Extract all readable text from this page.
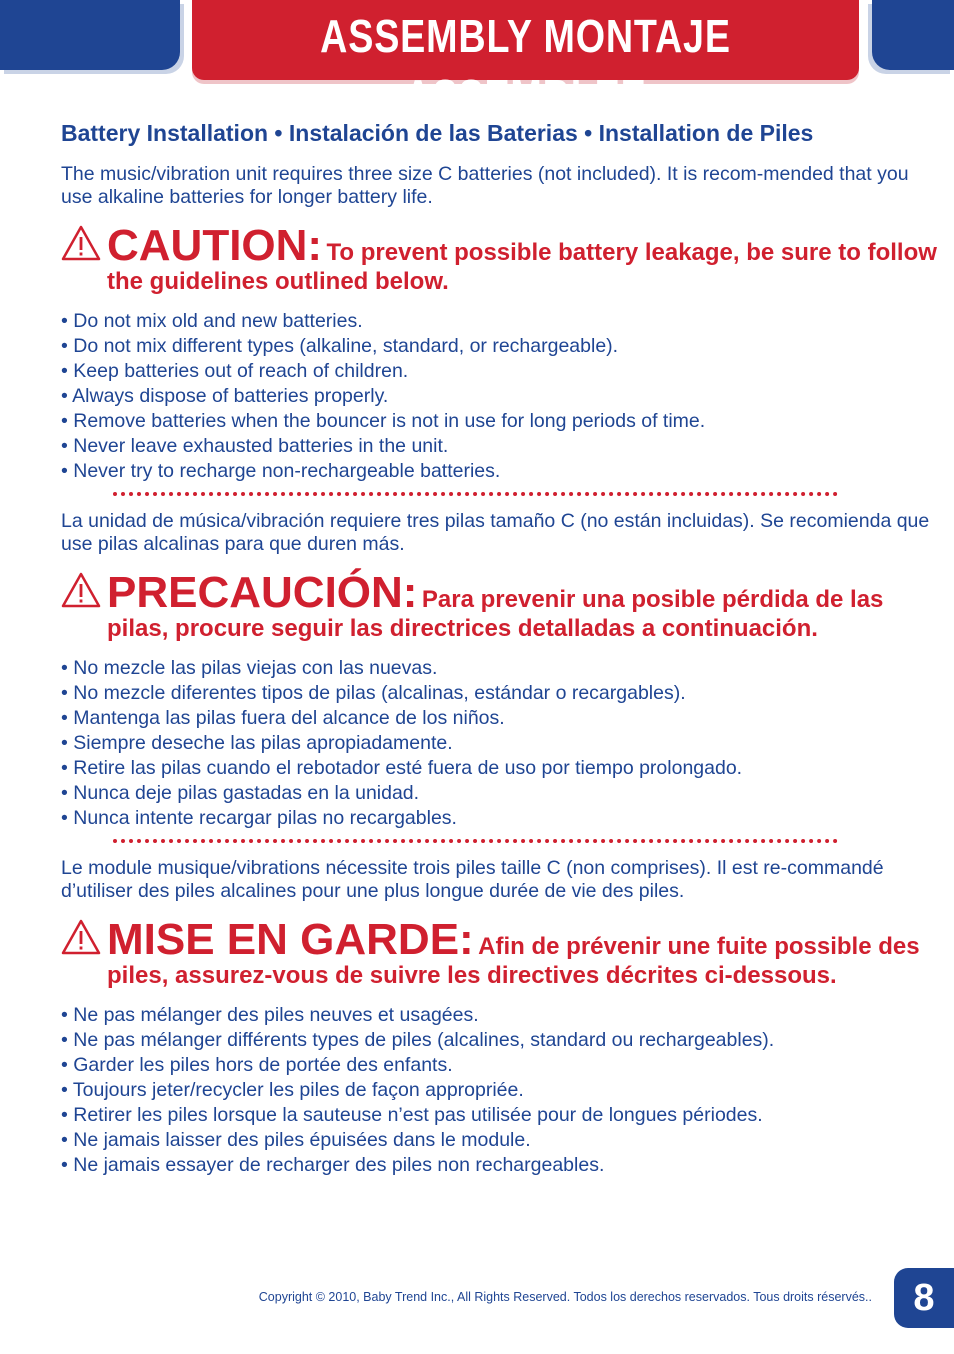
ASSEMBLY MONTAJE ASSEMBLEE

Battery Installation • Instalación de las Baterias • Installation de Piles

The music/vibration unit requires three size C batteries (not included). It is recom-mended that you use alkaline batteries for longer battery life.

CAUTION: To prevent possible battery leakage, be sure to follow the guidelines outlined below.
• Do not mix old and new batteries.
• Do not mix different types (alkaline, standard, or rechargeable).
• Keep batteries out of reach of children.
• Always dispose of batteries properly.
• Remove batteries when the bouncer is not in use for long periods of time.
• Never leave exhausted batteries in the unit.
• Never try to recharge non-rechargeable batteries.

La unidad de música/vibración requiere tres pilas tamaño C (no están incluidas). Se recomienda que use pilas alcalinas para que duren más.

PRECAUCIÓN: Para prevenir una posible pérdida de las pilas, procure seguir las directrices detalladas a continuación.
• No mezcle las pilas viejas con las nuevas.
• No mezcle diferentes tipos de pilas (alcalinas, estándar o recargables).
• Mantenga las pilas fuera del alcance de los niños.
• Siempre deseche las pilas apropiadamente.
• Retire las pilas cuando el rebotador esté fuera de uso por tiempo prolongado.
• Nunca deje pilas gastadas en la unidad.
• Nunca intente recargar pilas no recargables.

Le module musique/vibrations nécessite trois piles taille C (non comprises). Il est re-commandé d’utiliser des piles alcalines pour une plus longue durée de vie des piles.

MISE EN GARDE: Afin de prévenir une fuite possible des piles, assurez-vous de suivre les directives décrites ci-dessous.
• Ne pas mélanger des piles neuves et usagées.
• Ne pas mélanger différents types de piles (alcalines, standard ou rechargeables).
• Garder les piles hors de portée des enfants.
• Toujours jeter/recycler les piles de façon appropriée.
• Retirer les piles lorsque la sauteuse n’est pas utilisée pour de longues périodes.
• Ne jamais laisser des piles épuisées dans le module.
• Ne jamais essayer de recharger des piles non rechargeables.
Copyright © 2010, Baby Trend Inc., All Rights Reserved. Todos los derechos reservados. Tous droits réservés..	8
